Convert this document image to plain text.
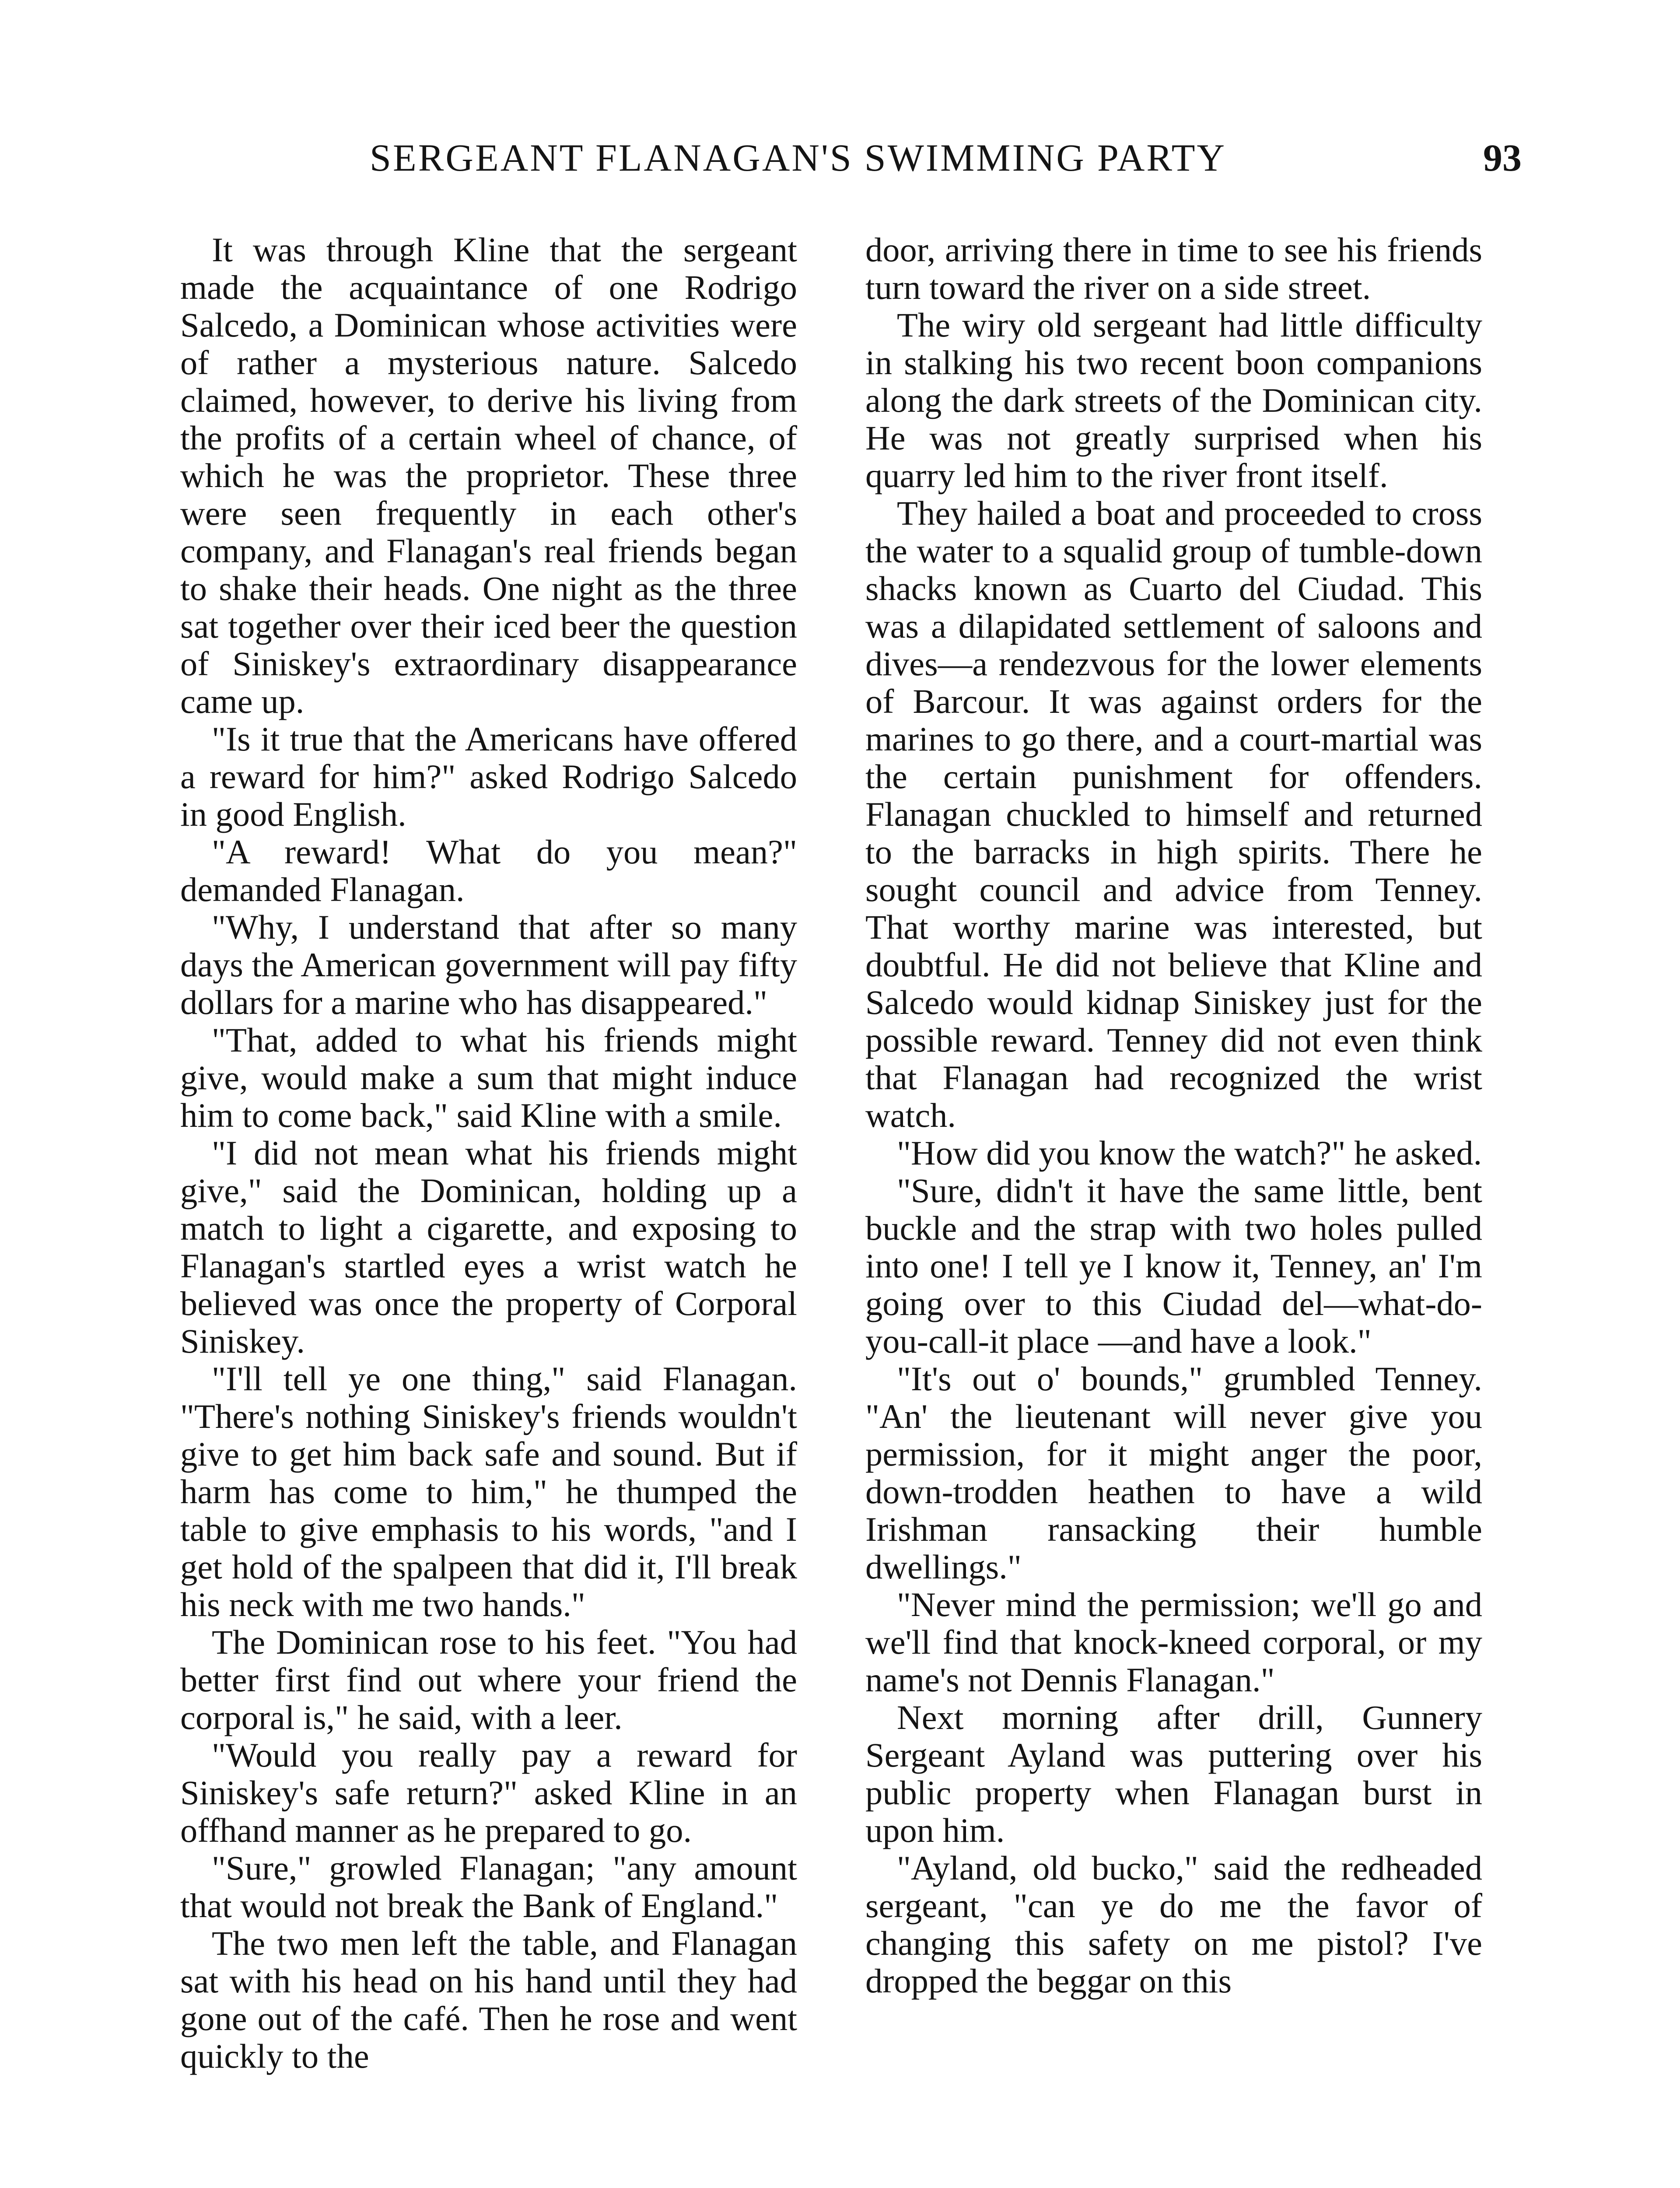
SERGEANT FLANAGAN'S SWIMMING PARTY	93

It was through Kline that the sergeant made the acquaintance of one Rodrigo Salcedo, a Dominican whose activities were of rather a mysterious nature. Salcedo claimed, however, to derive his living from the profits of a certain wheel of chance, of which he was the proprietor. These three were seen frequently in each other's company, and Flanagan's real friends began to shake their heads. One night as the three sat together over their iced beer the question of Siniskey's extraordinary disappearance came up.

"Is it true that the Americans have offered a reward for him?" asked Rodrigo Salcedo in good English.

"A reward! What do you mean?" demanded Flanagan.

"Why, I understand that after so many days the American government will pay fifty dollars for a marine who has disappeared."

"That, added to what his friends might give, would make a sum that might induce him to come back," said Kline with a smile.

"I did not mean what his friends might give," said the Dominican, holding up a match to light a cigarette, and exposing to Flanagan's startled eyes a wrist watch he believed was once the property of Corporal Siniskey.

"I'll tell ye one thing," said Flanagan. "There's nothing Siniskey's friends wouldn't give to get him back safe and sound. But if harm has come to him," he thumped the table to give emphasis to his words, "and I get hold of the spalpeen that did it, I'll break his neck with me two hands."

The Dominican rose to his feet. "You had better first find out where your friend the corporal is," he said, with a leer.

"Would you really pay a reward for Siniskey's safe return?" asked Kline in an offhand manner as he prepared to go.

"Sure," growled Flanagan; "any amount that would not break the Bank of England."

The two men left the table, and Flanagan sat with his head on his hand until they had gone out of the café. Then he rose and went quickly to the

door, arriving there in time to see his friends turn toward the river on a side street.

The wiry old sergeant had little difficulty in stalking his two recent boon companions along the dark streets of the Dominican city. He was not greatly surprised when his quarry led him to the river front itself.

They hailed a boat and proceeded to cross the water to a squalid group of tumble-down shacks known as Cuarto del Ciudad. This was a dilapidated settlement of saloons and dives—a rendezvous for the lower elements of Barcour. It was against orders for the marines to go there, and a court-martial was the certain punishment for offenders. Flanagan chuckled to himself and returned to the barracks in high spirits. There he sought council and advice from Tenney. That worthy marine was interested, but doubtful. He did not believe that Kline and Salcedo would kidnap Siniskey just for the possible reward. Tenney did not even think that Flanagan had recognized the wrist watch.

"How did you know the watch?" he asked.

"Sure, didn't it have the same little, bent buckle and the strap with two holes pulled into one! I tell ye I know it, Tenney, an' I'm going over to this Ciudad del—what-do-you-call-it place —and have a look."

"It's out o' bounds," grumbled Tenney. "An' the lieutenant will never give you permission, for it might anger the poor, down-trodden heathen to have a wild Irishman ransacking their humble dwellings."

"Never mind the permission; we'll go and we'll find that knock-kneed corporal, or my name's not Dennis Flanagan."

Next morning after drill, Gunnery Sergeant Ayland was puttering over his public property when Flanagan burst in upon him.

"Ayland, old bucko," said the redheaded sergeant, "can ye do me the favor of changing this safety on me pistol? I've dropped the beggar on this
